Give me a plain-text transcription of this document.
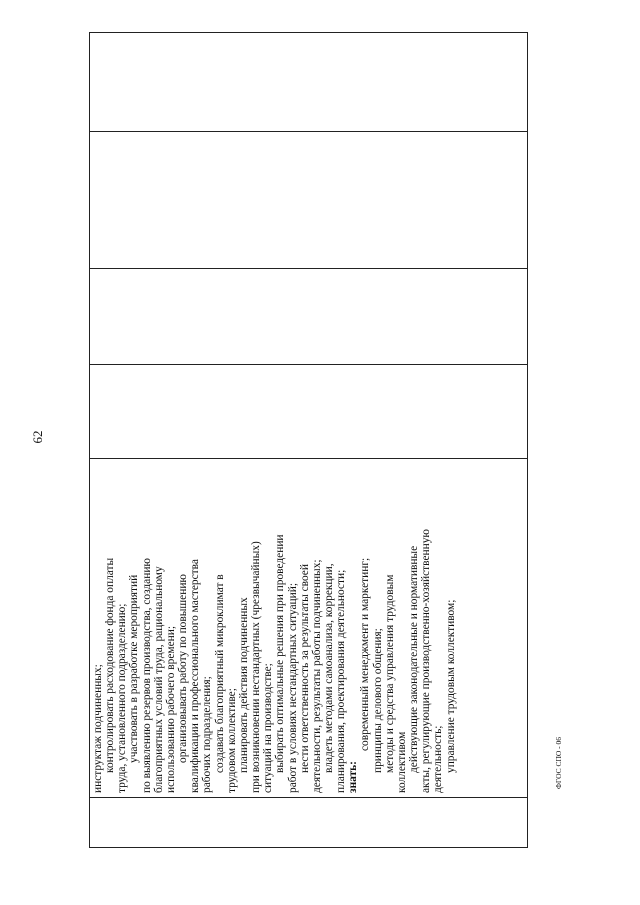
62
инструктаж подчиненных; контролировать расходование фонда оплаты труда, установленного подразделению; участвовать в разработке мероприятий по выявлению резервов производства, созданию благоприятных условий труда, рациональному использованию рабочего времени; организовывать работу по повышению квалификации и профессионального мастерства рабочих подразделения; создавать благоприятный микроклимат в трудовом коллективе; планировать действия подчиненных при возникновении нестандартных (чрезвычайных) ситуаций на производстве; выбирать оптимальные решения при проведении работ в условиях нестандартных ситуаций; нести ответственность за результаты своей деятельности, результаты работы подчиненных; владеть методами самоанализа, коррекции, планирования, проектирования деятельности; знать:
современный менеджмент и маркетинг; принципы делового общения; методы и средства управления трудовым коллективом действующие законодательные и нормативные акты, регулирующие производственно-хозяйственную деятельность; управление трудовым коллективом;	ФГОС СПО - 06
